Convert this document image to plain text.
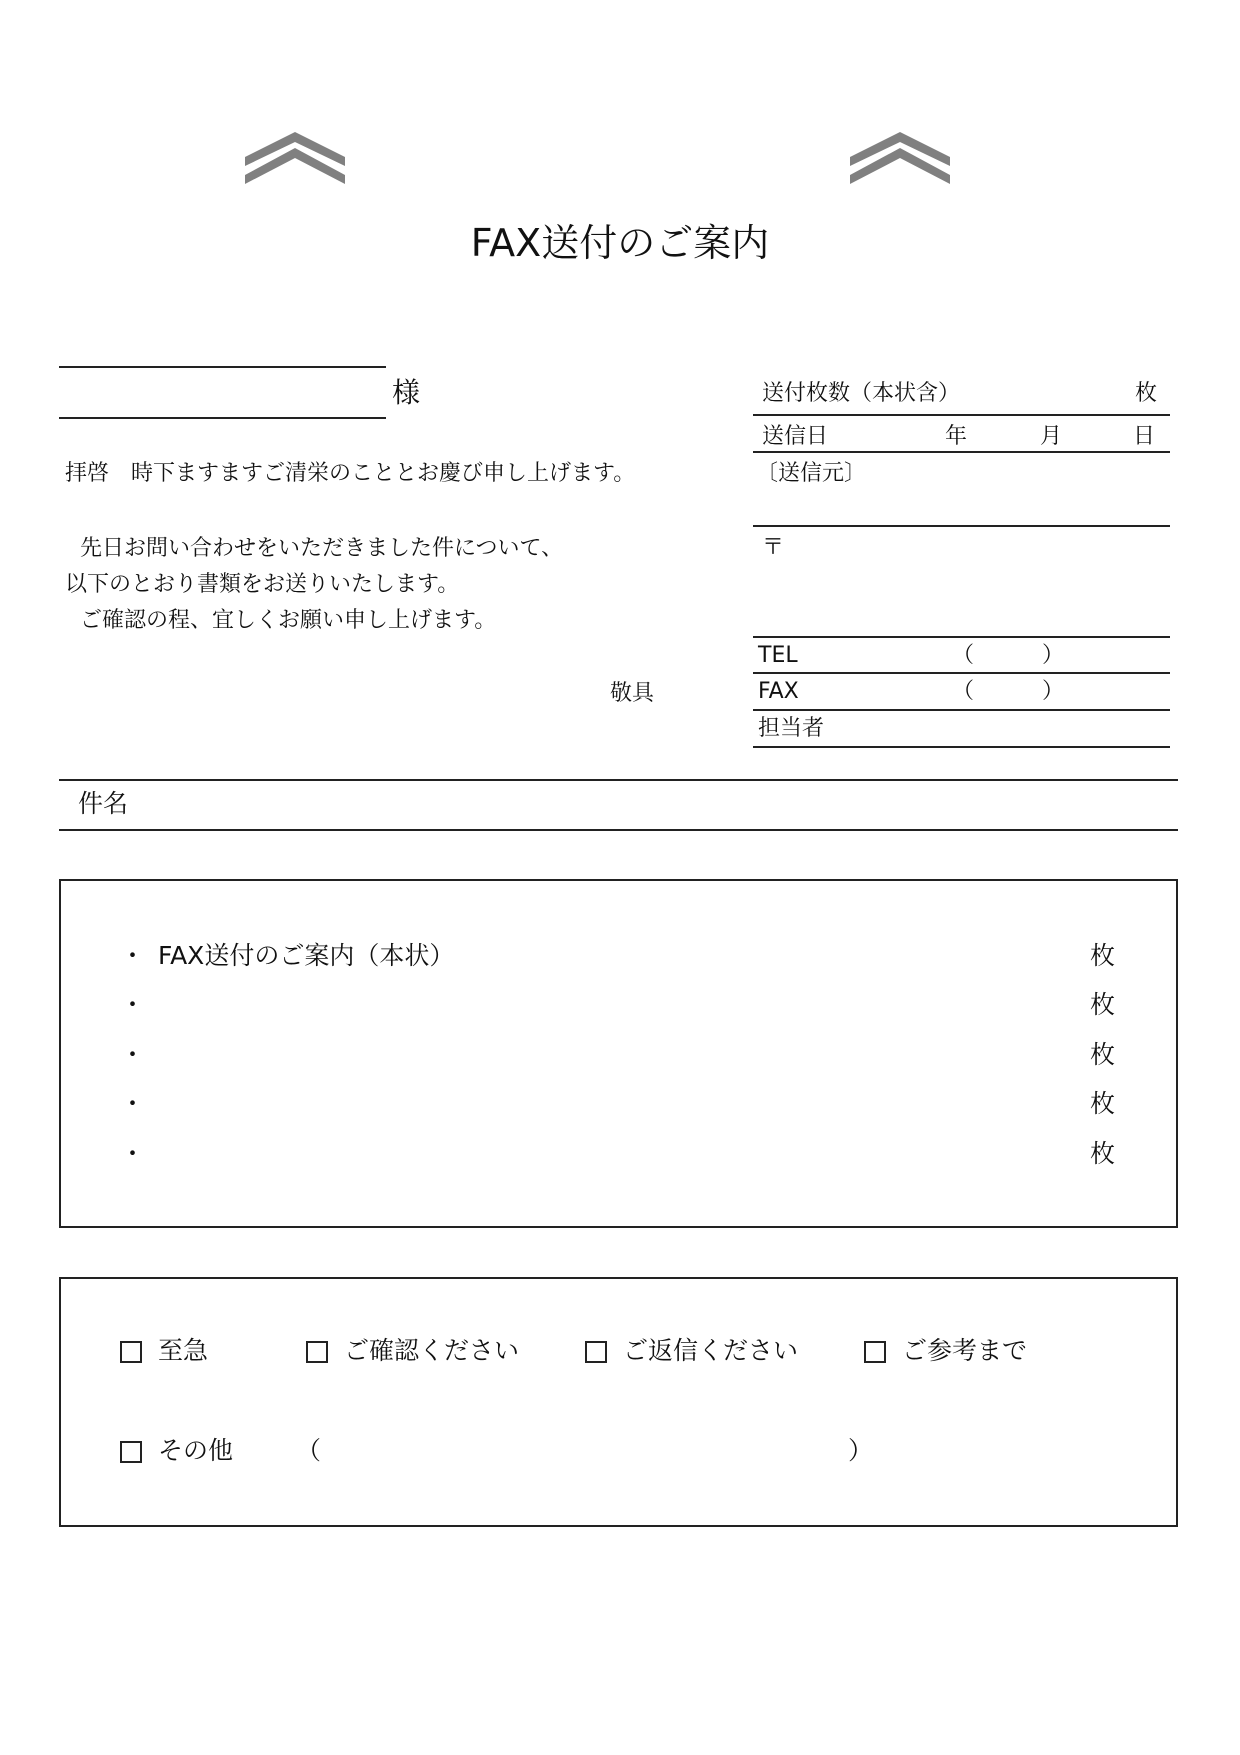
FAX送付のご案内
様
拝啓　時下ますますご清栄のこととお慶び申し上げます。
先日お問い合わせをいただきました件について、
以下のとおり書類をお送りいたします。
ご確認の程、宜しくお願い申し上げます。
敬具
送付枚数（本状含）	枚
送信日	年	月	日
〔送信元〕
〒
TEL	（	）
FAX	（	）
担当者
件名
・ FAX送付のご案内（本状）	枚
・	枚
・	枚
・	枚
・	枚
至急	ご確認ください	ご返信ください	ご参考まで
その他	（	）
